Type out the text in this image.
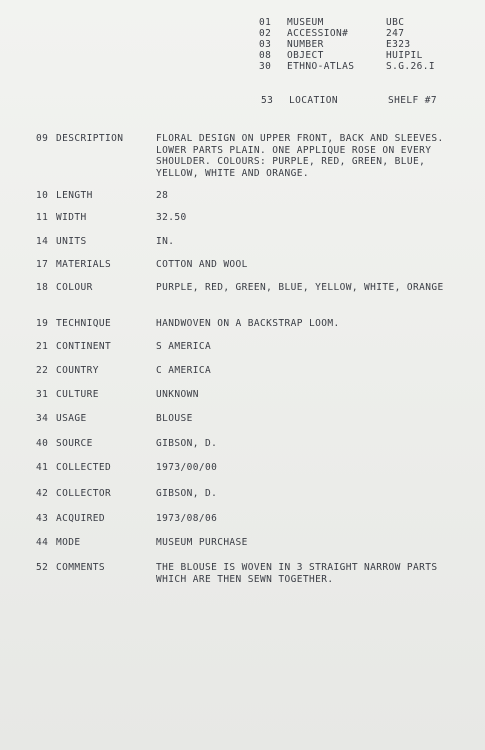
01 MUSEUM	UBC
02 ACCESSION#	247
03 NUMBER	E323
08 OBJECT	HUIPIL
30 ETHNO-ATLAS	S.G.26.I
53 LOCATION	SHELF #7
09 DESCRIPTION	FLORAL DESIGN ON UPPER FRONT, BACK AND SLEEVES. LOWER PARTS PLAIN. ONE APPLIQUE ROSE ON EVERY SHOULDER. COLOURS: PURPLE, RED, GREEN, BLUE, YELLOW, WHITE AND ORANGE.
10 LENGTH	28
11 WIDTH	32.50
14 UNITS	IN.
17 MATERIALS	COTTON AND WOOL
18 COLOUR	PURPLE, RED, GREEN, BLUE, YELLOW, WHITE, ORANGE
19 TECHNIQUE	HANDWOVEN ON A BACKSTRAP LOOM.
21 CONTINENT	S AMERICA
22 COUNTRY	C AMERICA
31 CULTURE	UNKNOWN
34 USAGE	BLOUSE
40 SOURCE	GIBSON, D.
41 COLLECTED	1973/00/00
42 COLLECTOR	GIBSON, D.
43 ACQUIRED	1973/08/06
44 MODE	MUSEUM PURCHASE
52 COMMENTS	THE BLOUSE IS WOVEN IN 3 STRAIGHT NARROW PARTS WHICH ARE THEN SEWN TOGETHER.
